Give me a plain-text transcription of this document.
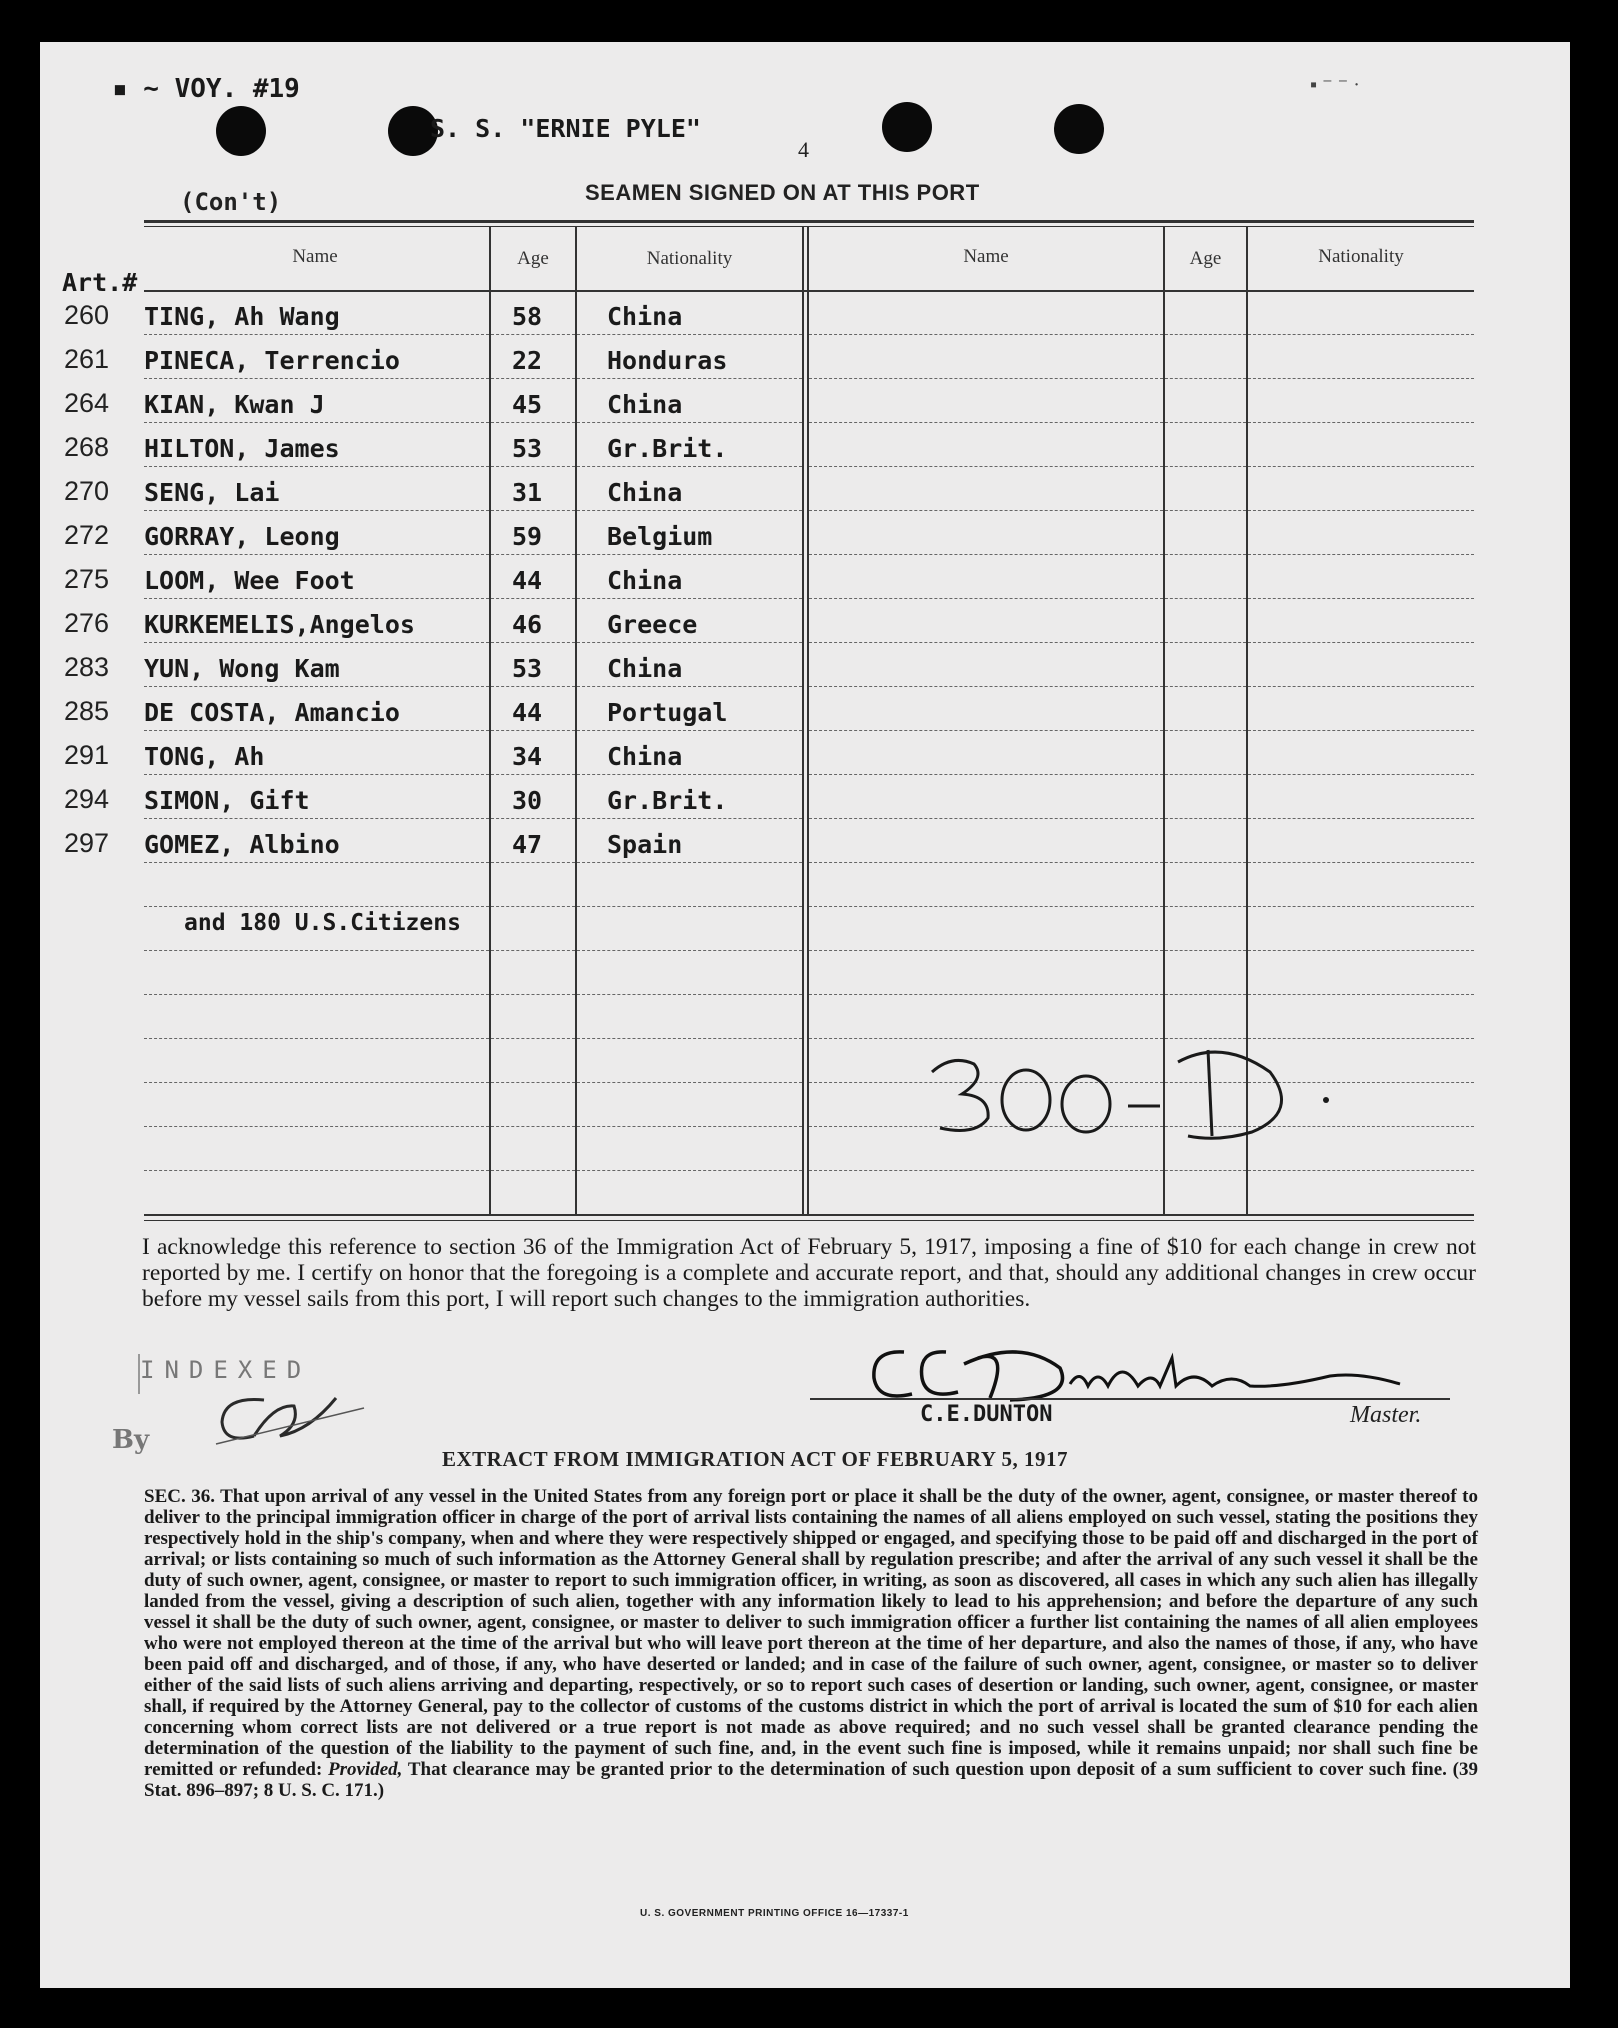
▪ ⁻ ⁻ ·
▪ ~ VOY. #19
S. S. "ERNIE PYLE"
4
(Con't)	SEAMEN SIGNED ON AT THIS PORT
Name	Age	Nationality	Name	Age	Nationality
Art.#
260 TING, Ah Wang	58	China
261 PINECA, Terrencio	22	Honduras
264 KIAN, Kwan J	45	China
268 HILTON, James	53	Gr.Brit.
270 SENG, Lai	31	China
272 GORRAY, Leong	59	Belgium
275 LOOM, Wee Foot	44	China
276 KURKEMELIS,Angelos	46	Greece
283 YUN, Wong Kam	53	China
285 DE COSTA, Amancio	44	Portugal
291 TONG, Ah	34	China
294 SIMON, Gift	30	Gr.Brit.
297 GOMEZ, Albino	47	Spain
and 180 U.S.Citizens
I acknowledge this reference to section 36 of the Immigration Act of February 5, 1917, imposing a fine of $10 for each change in crew not reported by me. I certify on honor that the foregoing is a complete and accurate report, and that, should any additional changes in crew occur before my vessel sails from this port, I will report such changes to the immigration authorities.
By
INDEXED
C.E.DUNTON	Master.
EXTRACT FROM IMMIGRATION ACT OF FEBRUARY 5, 1917
SEC. 36. That upon arrival of any vessel in the United States from any foreign port or place it shall be the duty of the owner, agent, consignee, or master thereof to deliver to the principal immigration officer in charge of the port of arrival lists containing the names of all aliens employed on such vessel, stating the positions they respectively hold in the ship's company, when and where they were respectively shipped or engaged, and specifying those to be paid off and discharged in the port of arrival; or lists containing so much of such information as the Attorney General shall by regulation prescribe; and after the arrival of any such vessel it shall be the duty of such owner, agent, consignee, or master to report to such immigration officer, in writing, as soon as discovered, all cases in which any such alien has illegally landed from the vessel, giving a description of such alien, together with any information likely to lead to his apprehension; and before the departure of any such vessel it shall be the duty of such owner, agent, consignee, or master to deliver to such immigration officer a further list containing the names of all alien employees who were not employed thereon at the time of the arrival but who will leave port thereon at the time of her departure, and also the names of those, if any, who have been paid off and discharged, and of those, if any, who have deserted or landed; and in case of the failure of such owner, agent, consignee, or master so to deliver either of the said lists of such aliens arriving and departing, respectively, or so to report such cases of desertion or landing, such owner, agent, consignee, or master shall, if required by the Attorney General, pay to the collector of customs of the customs district in which the port of arrival is located the sum of $10 for each alien concerning whom correct lists are not delivered or a true report is not made as above required; and no such vessel shall be granted clearance pending the determination of the question of the liability to the payment of such fine, and, in the event such fine is imposed, while it remains unpaid; nor shall such fine be remitted or refunded: Provided, That clearance may be granted prior to the determination of such question upon deposit of a sum sufficient to cover such fine. (39 Stat. 896–897; 8 U. S. C. 171.)
U. S. GOVERNMENT PRINTING OFFICE 16—17337-1
